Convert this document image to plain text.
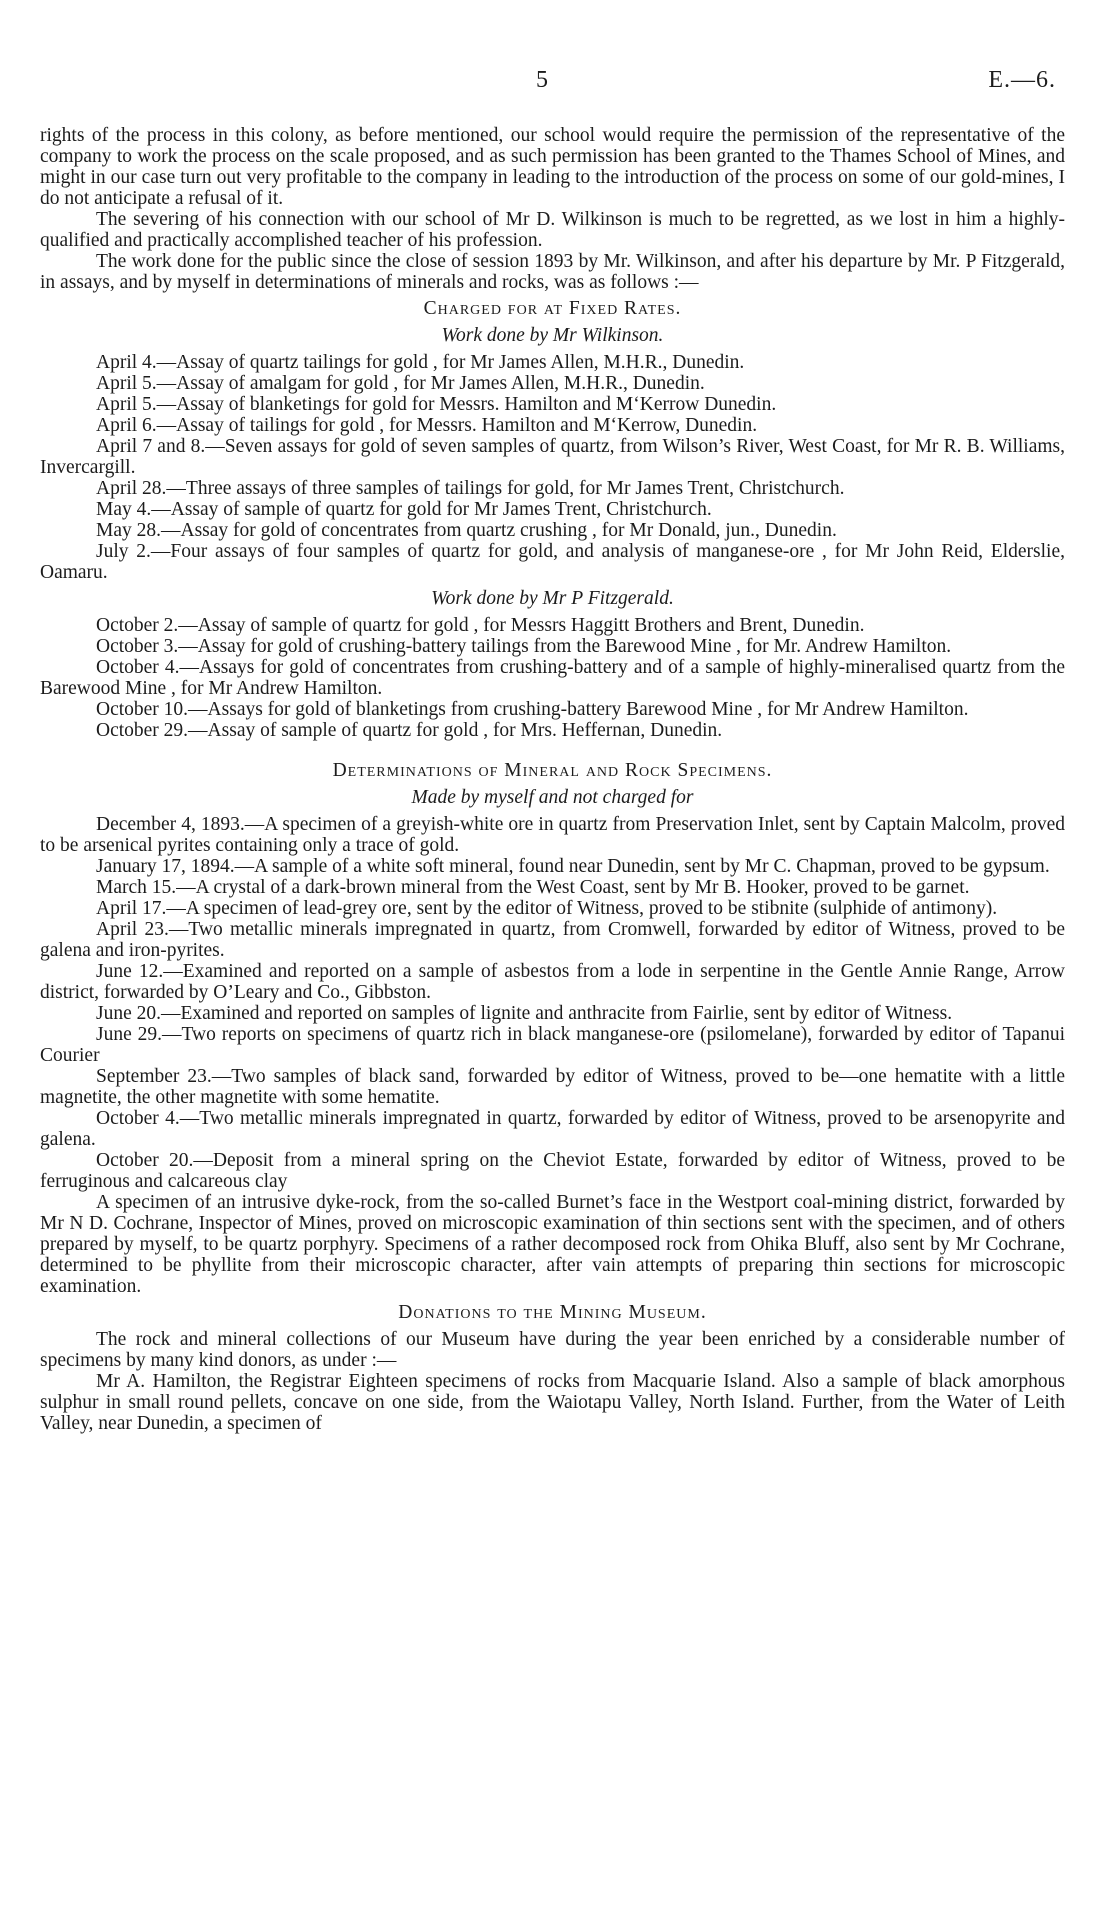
5	E.—6.

rights of the process in this colony, as before mentioned, our school would require the permission of the representative of the company to work the process on the scale proposed, and as such permission has been granted to the Thames School of Mines, and might in our case turn out very profitable to the company in leading to the introduction of the process on some of our gold-mines, I do not anticipate a refusal of it.

The severing of his connection with our school of Mr D. Wilkinson is much to be regretted, as we lost in him a highly-qualified and practically accomplished teacher of his profession.

The work done for the public since the close of session 1893 by Mr. Wilkinson, and after his departure by Mr. P Fitzgerald, in assays, and by myself in determinations of minerals and rocks, was as follows :—

Charged for at Fixed Rates.
Work done by Mr Wilkinson.

April 4.—Assay of quartz tailings for gold , for Mr James Allen, M.H.R., Dunedin.

April 5.—Assay of amalgam for gold , for Mr James Allen, M.H.R., Dunedin.

April 5.—Assay of blanketings for gold for Messrs. Hamilton and M‘Kerrow Dunedin.

April 6.—Assay of tailings for gold , for Messrs. Hamilton and M‘Kerrow, Dunedin.

April 7 and 8.—Seven assays for gold of seven samples of quartz, from Wilson’s River, West Coast, for Mr R. B. Williams, Invercargill.

April 28.—Three assays of three samples of tailings for gold, for Mr James Trent, Christchurch.

May 4.—Assay of sample of quartz for gold for Mr James Trent, Christchurch.

May 28.—Assay for gold of concentrates from quartz crushing , for Mr Donald, jun., Dunedin.

July 2.—Four assays of four samples of quartz for gold, and analysis of manganese-ore , for Mr John Reid, Elderslie, Oamaru.

Work done by Mr P Fitzgerald.

October 2.—Assay of sample of quartz for gold , for Messrs Haggitt Brothers and Brent, Dunedin.

October 3.—Assay for gold of crushing-battery tailings from the Barewood Mine , for Mr. Andrew Hamilton.

October 4.—Assays for gold of concentrates from crushing-battery and of a sample of highly-mineralised quartz from the Barewood Mine , for Mr Andrew Hamilton.

October 10.—Assays for gold of blanketings from crushing-battery Barewood Mine , for Mr Andrew Hamilton.

October 29.—Assay of sample of quartz for gold , for Mrs. Heffernan, Dunedin.

Determinations of Mineral and Rock Specimens.
Made by myself and not charged for

December 4, 1893.—A specimen of a greyish-white ore in quartz from Preservation Inlet, sent by Captain Malcolm, proved to be arsenical pyrites containing only a trace of gold.

January 17, 1894.—A sample of a white soft mineral, found near Dunedin, sent by Mr C. Chapman, proved to be gypsum.

March 15.—A crystal of a dark-brown mineral from the West Coast, sent by Mr B. Hooker, proved to be garnet.

April 17.—A specimen of lead-grey ore, sent by the editor of Witness, proved to be stibnite (sulphide of antimony).

April 23.—Two metallic minerals impregnated in quartz, from Cromwell, forwarded by editor of Witness, proved to be galena and iron-pyrites.

June 12.—Examined and reported on a sample of asbestos from a lode in serpentine in the Gentle Annie Range, Arrow district, forwarded by O’Leary and Co., Gibbston.

June 20.—Examined and reported on samples of lignite and anthracite from Fairlie, sent by editor of Witness.

June 29.—Two reports on specimens of quartz rich in black manganese-ore (psilomelane), forwarded by editor of Tapanui Courier

September 23.—Two samples of black sand, forwarded by editor of Witness, proved to be—one hematite with a little magnetite, the other magnetite with some hematite.

October 4.—Two metallic minerals impregnated in quartz, forwarded by editor of Witness, proved to be arsenopyrite and galena.

October 20.—Deposit from a mineral spring on the Cheviot Estate, forwarded by editor of Witness, proved to be ferruginous and calcareous clay

A specimen of an intrusive dyke-rock, from the so-called Burnet’s face in the Westport coal-mining district, forwarded by Mr N D. Cochrane, Inspector of Mines, proved on microscopic examination of thin sections sent with the specimen, and of others prepared by myself, to be quartz porphyry. Specimens of a rather decomposed rock from Ohika Bluff, also sent by Mr Cochrane, determined to be phyllite from their microscopic character, after vain attempts of preparing thin sections for microscopic examination.

Donations to the Mining Museum.

The rock and mineral collections of our Museum have during the year been enriched by a considerable number of specimens by many kind donors, as under :—

Mr A. Hamilton, the Registrar Eighteen specimens of rocks from Macquarie Island. Also a sample of black amorphous sulphur in small round pellets, concave on one side, from the Waiotapu Valley, North Island. Further, from the Water of Leith Valley, near Dunedin, a specimen of
